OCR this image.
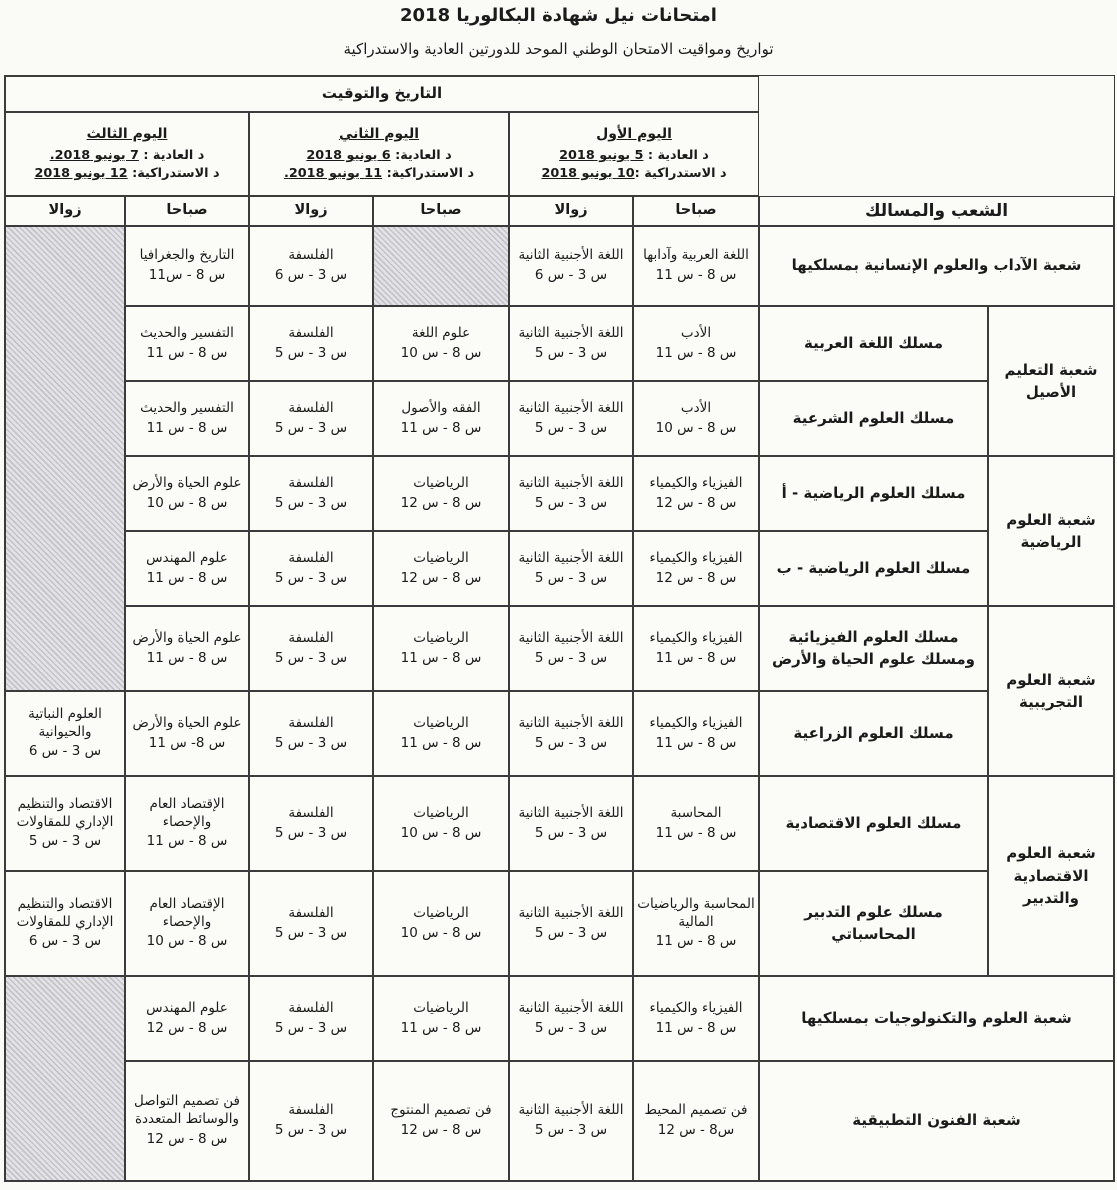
امتحانات نيل شهادة البكالوريا 2018

تواريخ ومواقيت الامتحان الوطني الموحد للدورتين العادية والاستدراكية

التاريخ والتوقيت
اليوم الأول
د العادية : 5 يونيو 2018
د الاستدراكية :10 يونيو 2018
اليوم الثاني
د العادية: 6 يونيو 2018
د الاستدراكية: 11 يونيو 2018.
اليوم الثالث
د العادية : 7 يونيو 2018.
د الاستدراكية: 12 يونيو 2018
الشعب والمسالك
صباحا
زوالا
صباحا
زوالا
صباحا
زوالا
شعبة الآداب والعلوم الإنسانية بمسلكيها
اللغة العربية وآدابها
س 8 - س 11
اللغة الأجنبية الثانية
س 3 - س 6
الفلسفة
س 3 - س 6
التاريخ والجغرافيا
س 8 - س11
شعبة التعليم الأصيل
مسلك اللغة العربية
الأدب
س 8 - س 11
اللغة الأجنبية الثانية
س 3 - س 5
علوم اللغة
س 8 - س 10
الفلسفة
س 3 - س 5
التفسير والحديث
س 8 - س 11
مسلك العلوم الشرعية
الأدب
س 8 - س 10
اللغة الأجنبية الثانية
س 3 - س 5
الفقه والأصول
س 8 - س 11
الفلسفة
س 3 - س 5
التفسير والحديث
س 8 - س 11
شعبة العلوم الرياضية
مسلك العلوم الرياضية - أ
الفيزياء والكيمياء
س 8 - س 12
اللغة الأجنبية الثانية
س 3 - س 5
الرياضيات
س 8 - س 12
الفلسفة
س 3 - س 5
علوم الحياة والأرض
س 8 - س 10
مسلك العلوم الرياضية - ب
الفيزياء والكيمياء
س 8 - س 12
اللغة الأجنبية الثانية
س 3 - س 5
الرياضيات
س 8 - س 12
الفلسفة
س 3 - س 5
علوم المهندس
س 8 - س 11
شعبة العلوم التجريبية
مسلك العلوم الفيزيائية ومسلك علوم الحياة والأرض
الفيزياء والكيمياء
س 8 - س 11
اللغة الأجنبية الثانية
س 3 - س 5
الرياضيات
س 8 - س 11
الفلسفة
س 3 - س 5
علوم الحياة والأرض
س 8 - س 11
مسلك العلوم الزراعية
الفيزياء والكيمياء
س 8 - س 11
اللغة الأجنبية الثانية
س 3 - س 5
الرياضيات
س 8 - س 11
الفلسفة
س 3 - س 5
علوم الحياة والأرض
س 8- س 11
العلوم النباتية والحيوانية
س 3 - س 6
شعبة العلوم الاقتصادية والتدبير
مسلك العلوم الاقتصادية
المحاسبة
س 8 - س 11
اللغة الأجنبية الثانية
س 3 - س 5
الرياضيات
س 8 - س 10
الفلسفة
س 3 - س 5
الإقتصاد العام والإحصاء
س 8 - س 11
الاقتصاد والتنظيم الإداري للمقاولات
س 3 - س 5
مسلك علوم التدبير المحاسباتي
المحاسبة والرياضيات المالية
س 8 - س 11
اللغة الأجنبية الثانية
س 3 - س 5
الرياضيات
س 8 - س 10
الفلسفة
س 3 - س 5
الإقتصاد العام والإحصاء
س 8 - س 10
الاقتصاد والتنظيم الإداري للمقاولات
س 3 - س 6
شعبة العلوم والتكنولوجيات بمسلكيها
الفيزياء والكيمياء
س 8 - س 11
اللغة الأجنبية الثانية
س 3 - س 5
الرياضيات
س 8 - س 11
الفلسفة
س 3 - س 5
علوم المهندس
س 8 - س 12
شعبة الفنون التطبيقية
فن تصميم المحيط
س8 - س 12
اللغة الأجنبية الثانية
س 3 - س 5
فن تصميم المنتوج
س 8 - س 12
الفلسفة
س 3 - س 5
فن تصميم التواصل والوسائط المتعددة
س 8 - س 12
